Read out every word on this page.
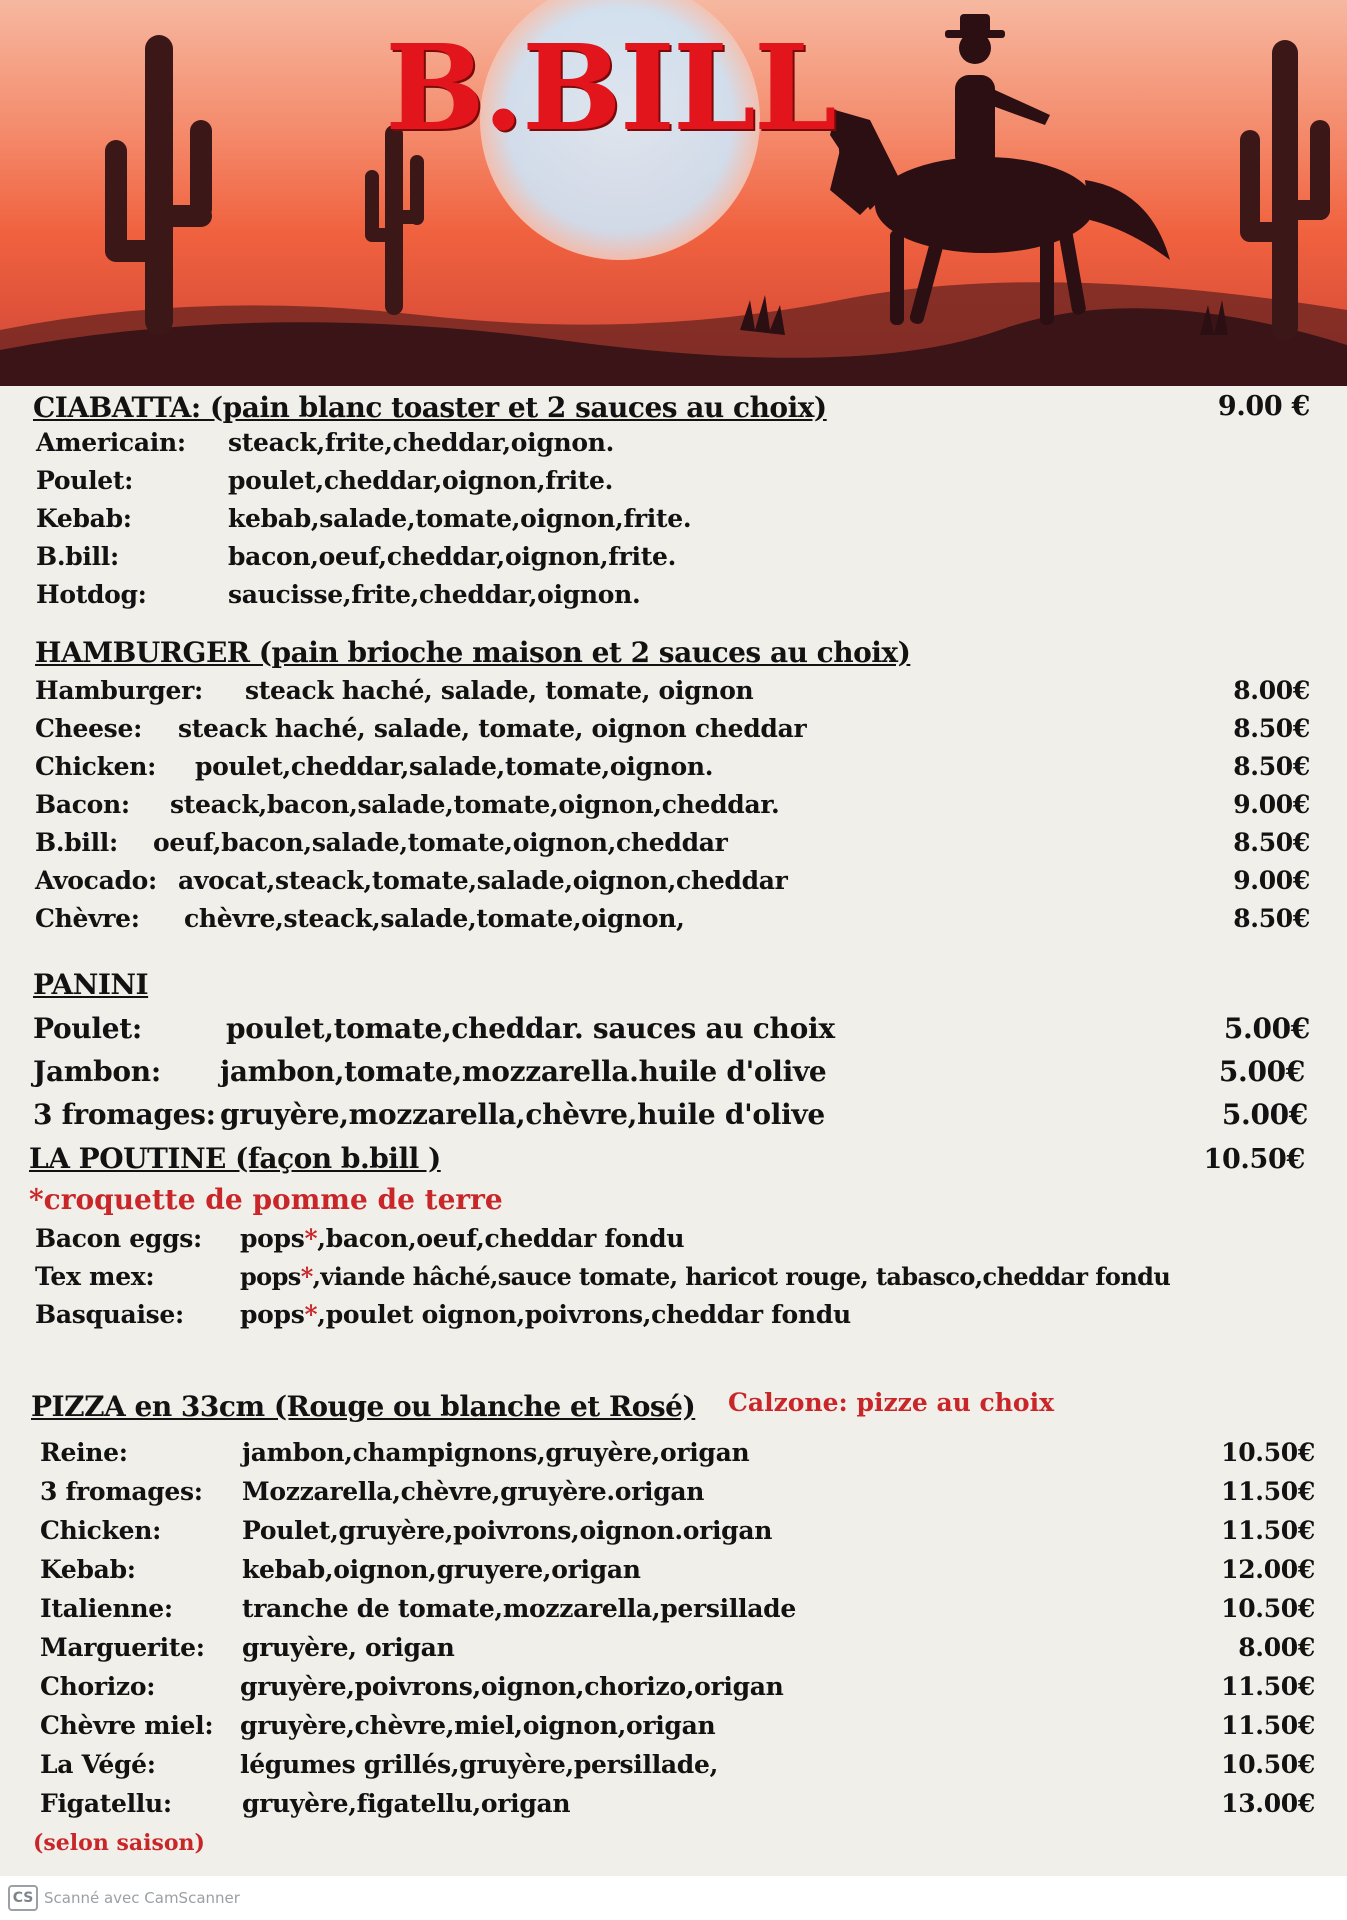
B.BILL
CIABATTA: (pain blanc toaster et 2 sauces au choix)	9.00 €
Americain: steack,frite,cheddar,oignon.
Poulet:	poulet,cheddar,oignon,frite.
Kebab:	kebab,salade,tomate,oignon,frite.
B.bill:	bacon,oeuf,cheddar,oignon,frite.
Hotdog:	saucisse,frite,cheddar,oignon.
HAMBURGER (pain brioche maison et 2 sauces au choix)
Hamburger: steack haché, salade, tomate, oignon	8.00€
Cheese: steack haché, salade, tomate, oignon cheddar	8.50€
Chicken: poulet,cheddar,salade,tomate,oignon.	8.50€
Bacon: steack,bacon,salade,tomate,oignon,cheddar.	9.00€
B.bill: oeuf,bacon,salade,tomate,oignon,cheddar	8.50€
Avocado: avocat,steack,tomate,salade,oignon,cheddar	9.00€
Chèvre: chèvre,steack,salade,tomate,oignon,	8.50€
PANINI
Poulet:	poulet,tomate,cheddar. sauces au choix	5.00€
Jambon: jambon,tomate,mozzarella.huile d'olive	5.00€
3 fromages: gruyère,mozzarella,chèvre,huile d'olive	5.00€
LA POUTINE (façon b.bill )	10.50€
*croquette de pomme de terre
Bacon eggs: pops*,bacon,oeuf,cheddar fondu
Tex mex:	pops*,viande hâché,sauce tomate, haricot rouge, tabasco,cheddar fondu
Basquaise: pops*,poulet oignon,poivrons,cheddar fondu
PIZZA en 33cm (Rouge ou blanche et Rosé) Calzone: pizze au choix
Reine:	jambon,champignons,gruyère,origan	10.50€
3 fromages: Mozzarella,chèvre,gruyère.origan	11.50€
Chicken:	Poulet,gruyère,poivrons,oignon.origan	11.50€
Kebab:	kebab,oignon,gruyere,origan	12.00€
Italienne:	tranche de tomate,mozzarella,persillade	10.50€
Marguerite: gruyère, origan	8.00€
Chorizo:	gruyère,poivrons,oignon,chorizo,origan	11.50€
Chèvre miel: gruyère,chèvre,miel,oignon,origan	11.50€
La Végé:	légumes grillés,gruyère,persillade,	10.50€
Figatellu:	gruyère,figatellu,origan	13.00€
(selon saison)
CS Scanné avec CamScanner
